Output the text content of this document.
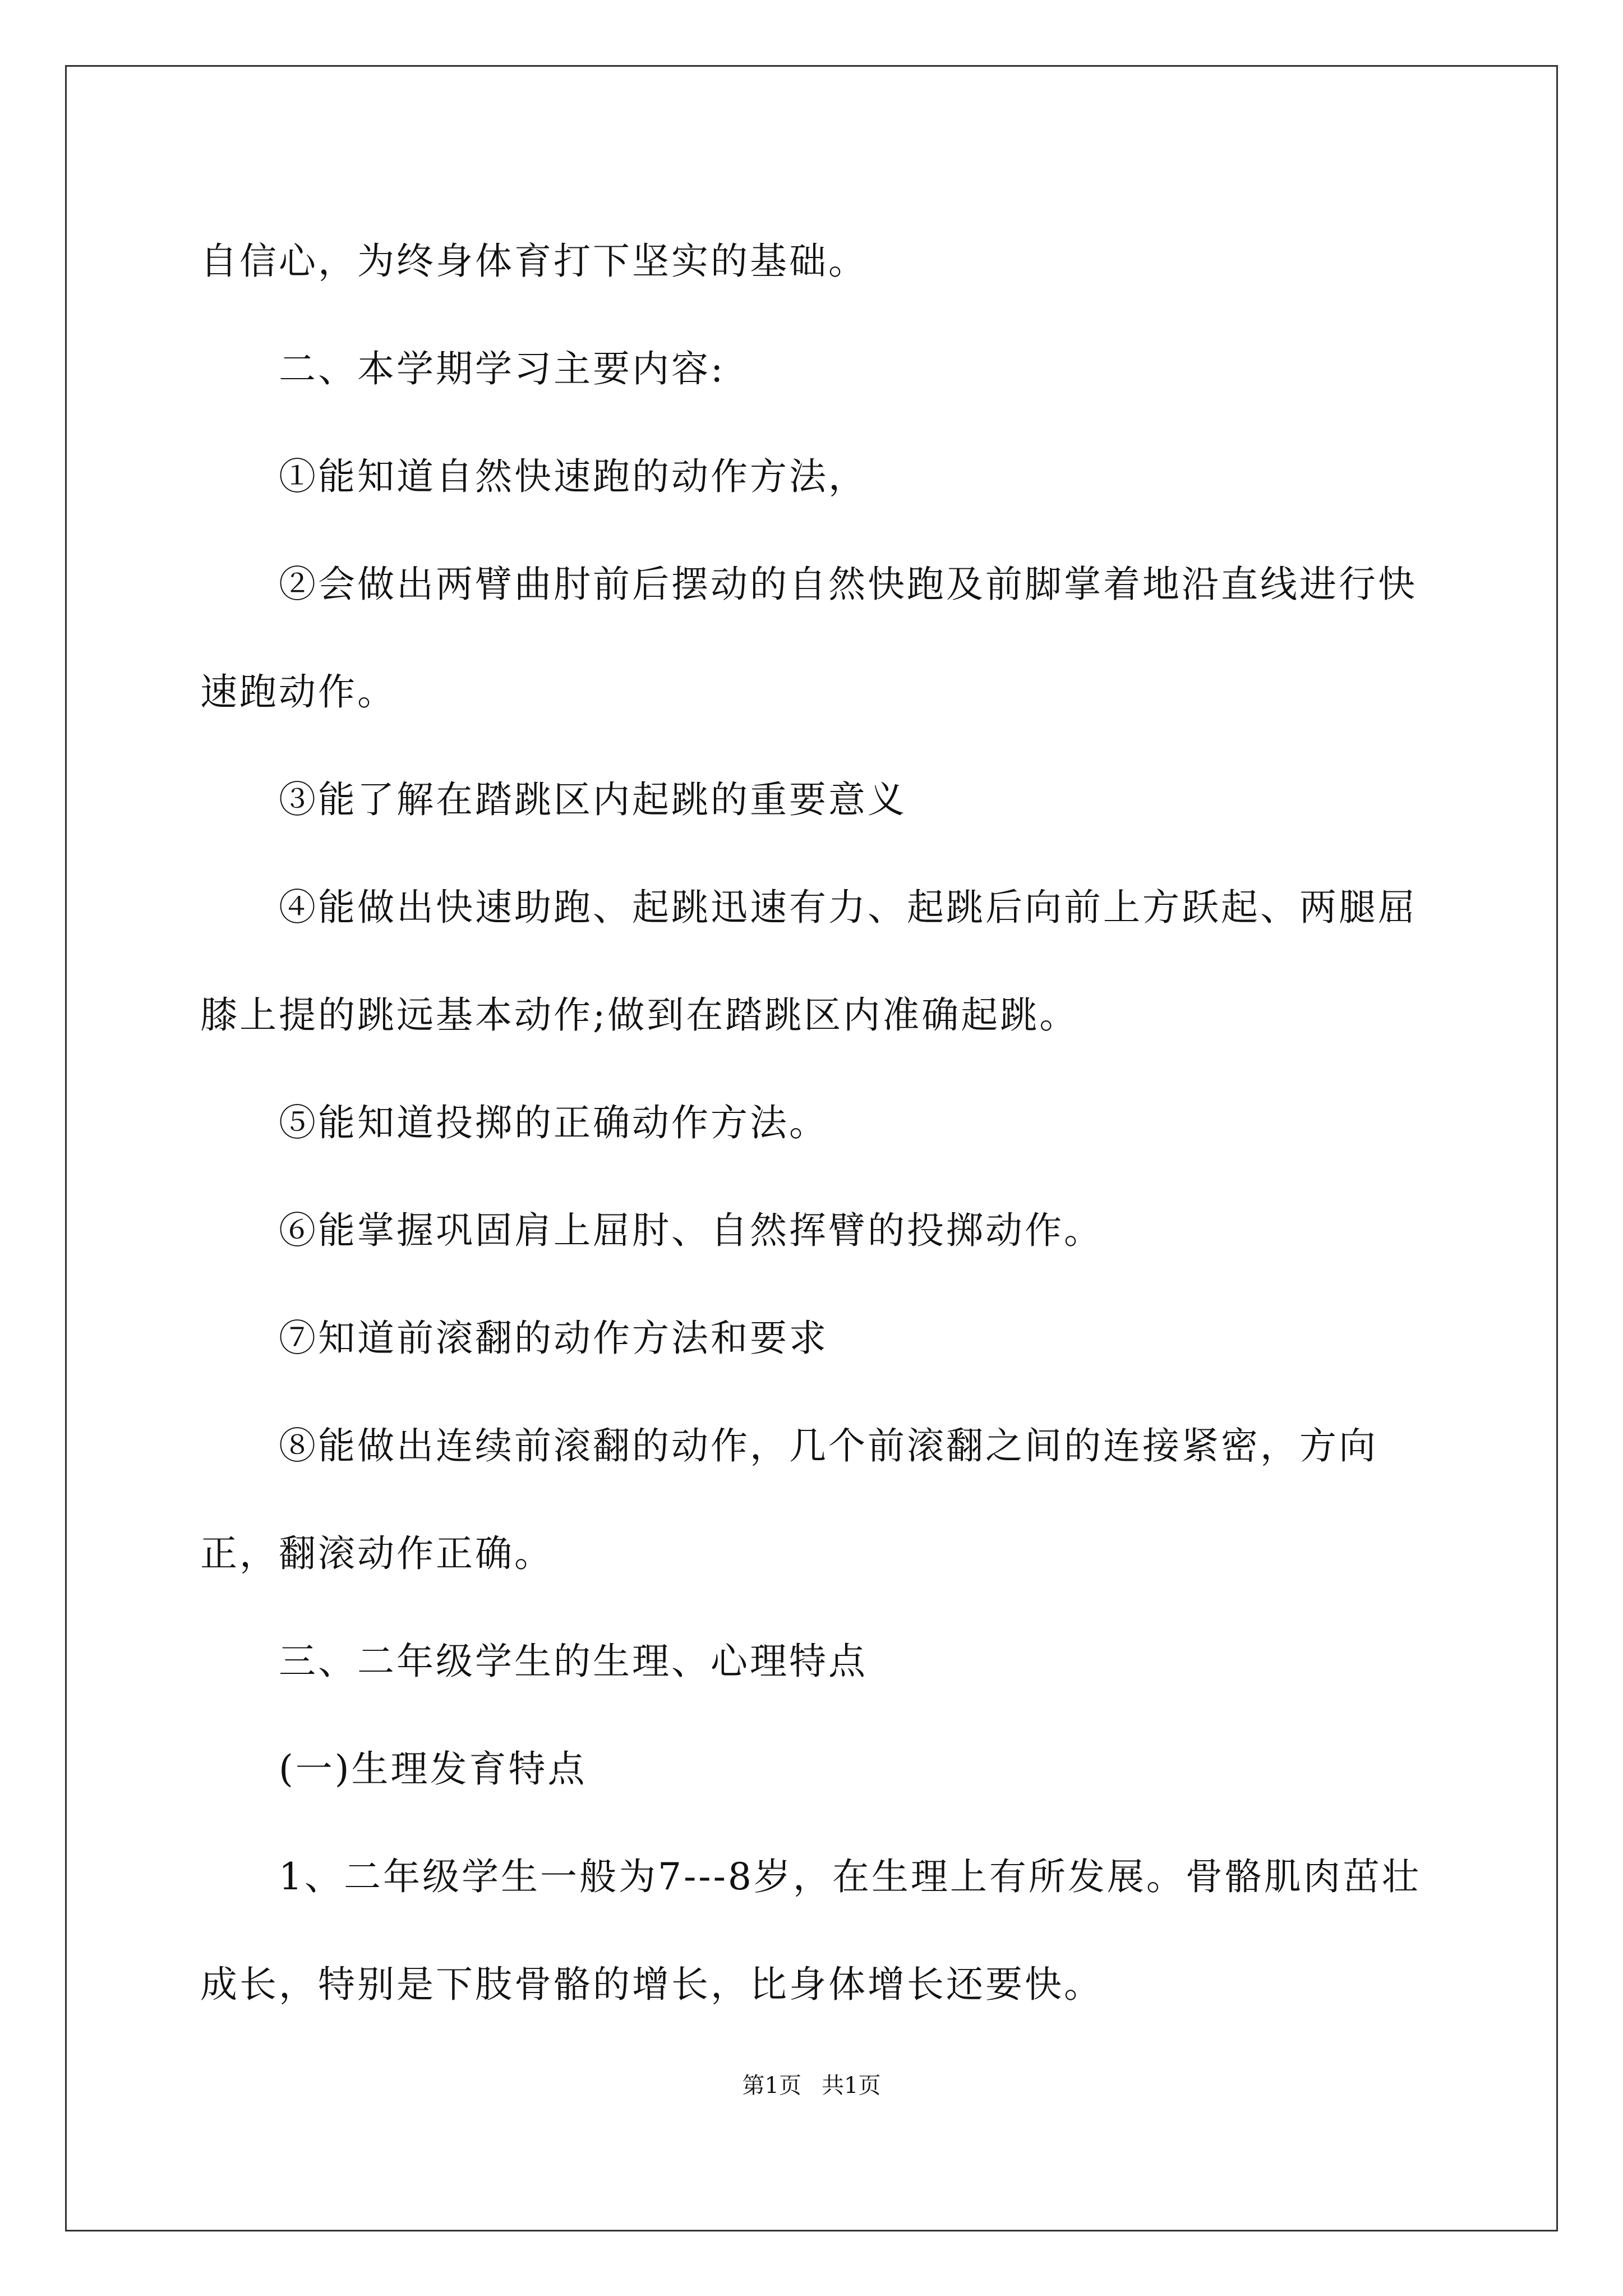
自信心，为终身体育打下坚实的基础。

二、本学期学习主要内容:

①能知道自然快速跑的动作方法，

②会做出两臂曲肘前后摆动的自然快跑及前脚掌着地沿直线进行快速跑动作。

③能了解在踏跳区内起跳的重要意义

④能做出快速助跑、起跳迅速有力、起跳后向前上方跃起、两腿屈膝上提的跳远基本动作;做到在踏跳区内准确起跳。

⑤能知道投掷的正确动作方法。

⑥能掌握巩固肩上屈肘、自然挥臂的投掷动作。

⑦知道前滚翻的动作方法和要求

⑧能做出连续前滚翻的动作，几个前滚翻之间的连接紧密，方向正，翻滚动作正确。

三、二年级学生的生理、心理特点

(一)生理发育特点

1、二年级学生一般为7---8岁，在生理上有所发展。骨骼肌肉茁壮成长，特别是下肢骨骼的增长，比身体增长还要快。

第1页 共1页
